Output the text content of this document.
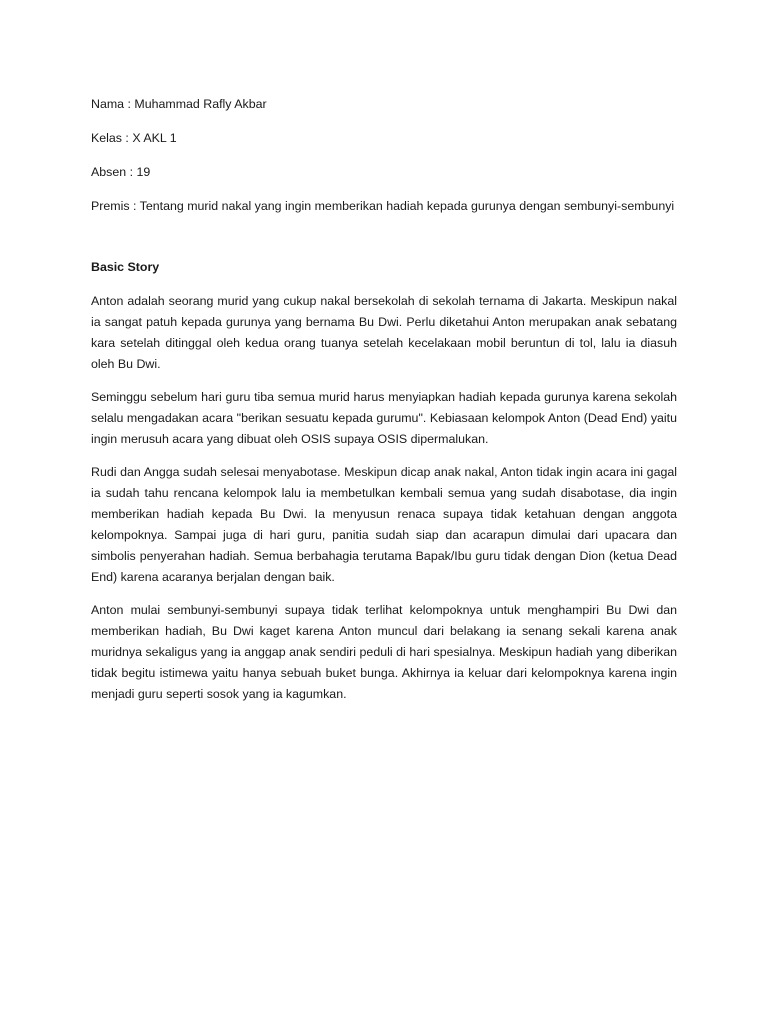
Nama : Muhammad Rafly Akbar

Kelas : X AKL 1

Absen : 19

Premis : Tentang murid nakal yang ingin memberikan hadiah kepada gurunya dengan sembunyi-sembunyi

Basic Story

Anton adalah seorang murid yang cukup nakal bersekolah di sekolah ternama di Jakarta. Meskipun nakal ia sangat patuh kepada gurunya yang bernama Bu Dwi. Perlu diketahui Anton merupakan anak sebatang kara setelah ditinggal oleh kedua orang tuanya setelah kecelakaan mobil beruntun di tol, lalu ia diasuh oleh Bu Dwi.

Seminggu sebelum hari guru tiba semua murid harus menyiapkan hadiah kepada gurunya karena sekolah selalu mengadakan acara "berikan sesuatu kepada gurumu". Kebiasaan kelompok Anton (Dead End) yaitu ingin merusuh acara yang dibuat oleh OSIS supaya OSIS dipermalukan.

Rudi dan Angga sudah selesai menyabotase. Meskipun dicap anak nakal, Anton tidak ingin acara ini gagal ia sudah tahu rencana kelompok lalu ia membetulkan kembali semua yang sudah disabotase, dia ingin memberikan hadiah kepada Bu Dwi. Ia menyusun renaca supaya tidak ketahuan dengan anggota kelompoknya. Sampai juga di hari guru, panitia sudah siap dan acarapun dimulai dari upacara dan simbolis penyerahan hadiah. Semua berbahagia terutama Bapak/Ibu guru tidak dengan Dion (ketua Dead End) karena acaranya berjalan dengan baik.

Anton mulai sembunyi-sembunyi supaya tidak terlihat kelompoknya untuk menghampiri Bu Dwi dan memberikan hadiah, Bu Dwi kaget karena Anton muncul dari belakang ia senang sekali karena anak muridnya sekaligus yang ia anggap anak sendiri peduli di hari spesialnya. Meskipun hadiah yang diberikan tidak begitu istimewa yaitu hanya sebuah buket bunga. Akhirnya ia keluar dari kelompoknya karena ingin menjadi guru seperti sosok yang ia kagumkan.
